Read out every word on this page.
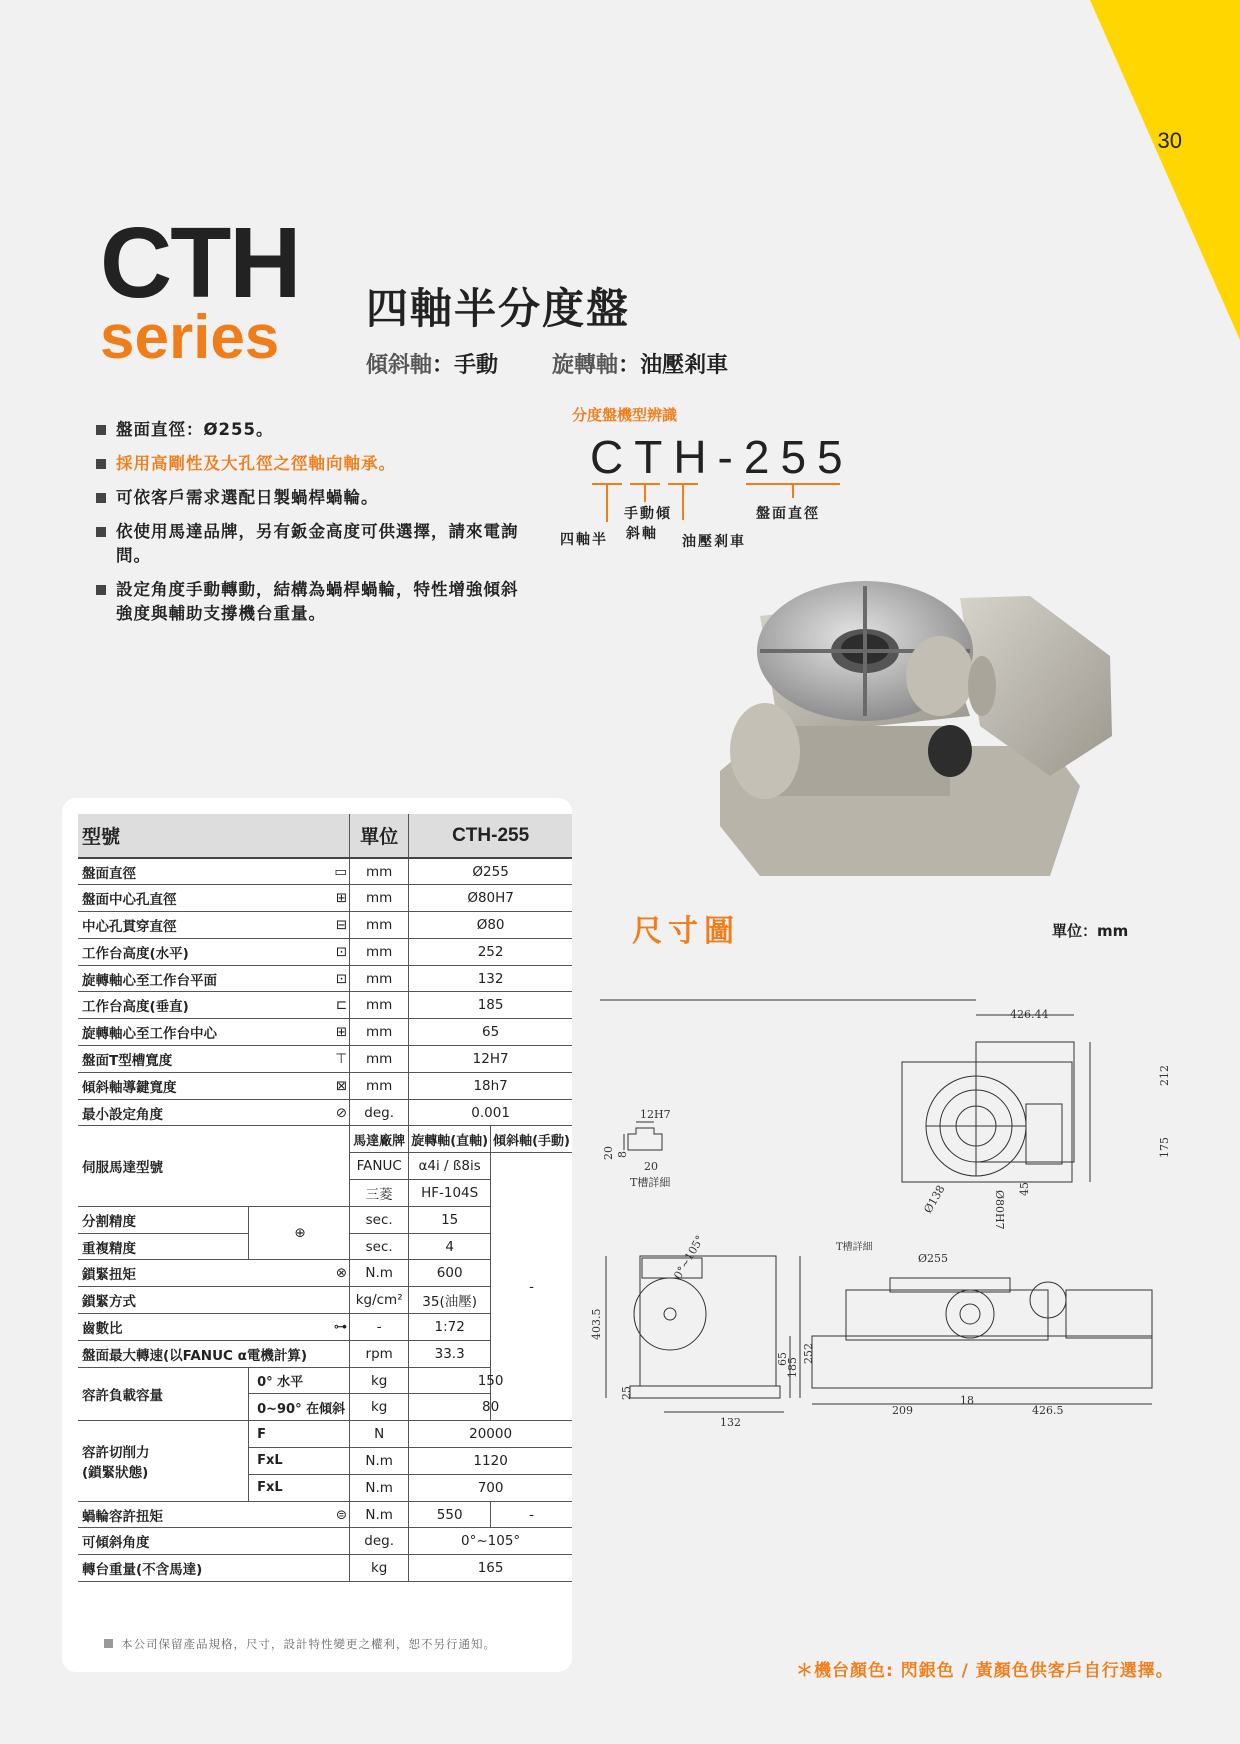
30
CTH
series	四軸半分度盤
傾斜軸：手動 旋轉軸：油壓剎車
盤面直徑：Ø255。
採用高剛性及大孔徑之徑軸向軸承。
可依客戶需求選配日製蝸桿蝸輪。
依使用馬達品牌，另有鈑金高度可供選擇，請來電詢問。
設定角度手動轉動，結構為蝸桿蝸輪，特性增強傾斜強度與輔助支撐機台重量。
分度盤機型辨識
CTH-255
四軸半
手動傾
斜軸 油壓剎車
盤面直徑
尺寸圖	單位：mm
426.44
212
175
Ø138	Ø80H7
45
12H7
20 8
20
T槽詳細
403.5
0°~105°
65
185
25
132
T槽詳細
Ø255
252
209
18
426.5
型號		單位	CTH-255	
盤面直徑	▭	mm	Ø255	
盤面中心孔直徑	⊞	mm	Ø80H7	
中心孔貫穿直徑	⊟	mm	Ø80	
工作台高度(水平)	⊡	mm	252	
旋轉軸心至工作台平面	⊡	mm	132	
工作台高度(垂直)	⊏	mm	185	
旋轉軸心至工作台中心	⊞	mm	65	
盤面T型槽寬度	⊤	mm	12H7	
傾斜軸導鍵寬度	⊠	mm	18h7	
最小設定角度	⊘	deg.	0.001	
伺服馬達型號		馬達廠牌	旋轉軸(直軸)	傾斜軸(手動)
		FANUC	α4i / ß8is	-
		三菱	HF-104S	
分割精度	⊕	sec.	15	
重複精度		sec.	4	
鎖緊扭矩	⊗	N.m	600	
鎖緊方式		kg/cm²	35(油壓)	
齒數比	⊶	-	1:72	
盤面最大轉速(以FANUC α電機計算)		rpm	33.3	
容許負載容量	0° 水平	kg	150	
	0~90° 在傾斜	kg	80	

容許切削力
(鎖緊狀態)	F	N	20000	
	FxL	N.m	1120	
	FxL	N.m	700	
蝸輪容許扭矩	⊜	N.m	550	-
可傾斜角度		deg.	0°~105°	
轉台重量(不含馬達)		kg	165	
本公司保留產品規格，尺寸，設計特性變更之權利，恕不另行通知。
＊機台顏色: 閃銀色 / 黃顏色供客戶自行選擇。
